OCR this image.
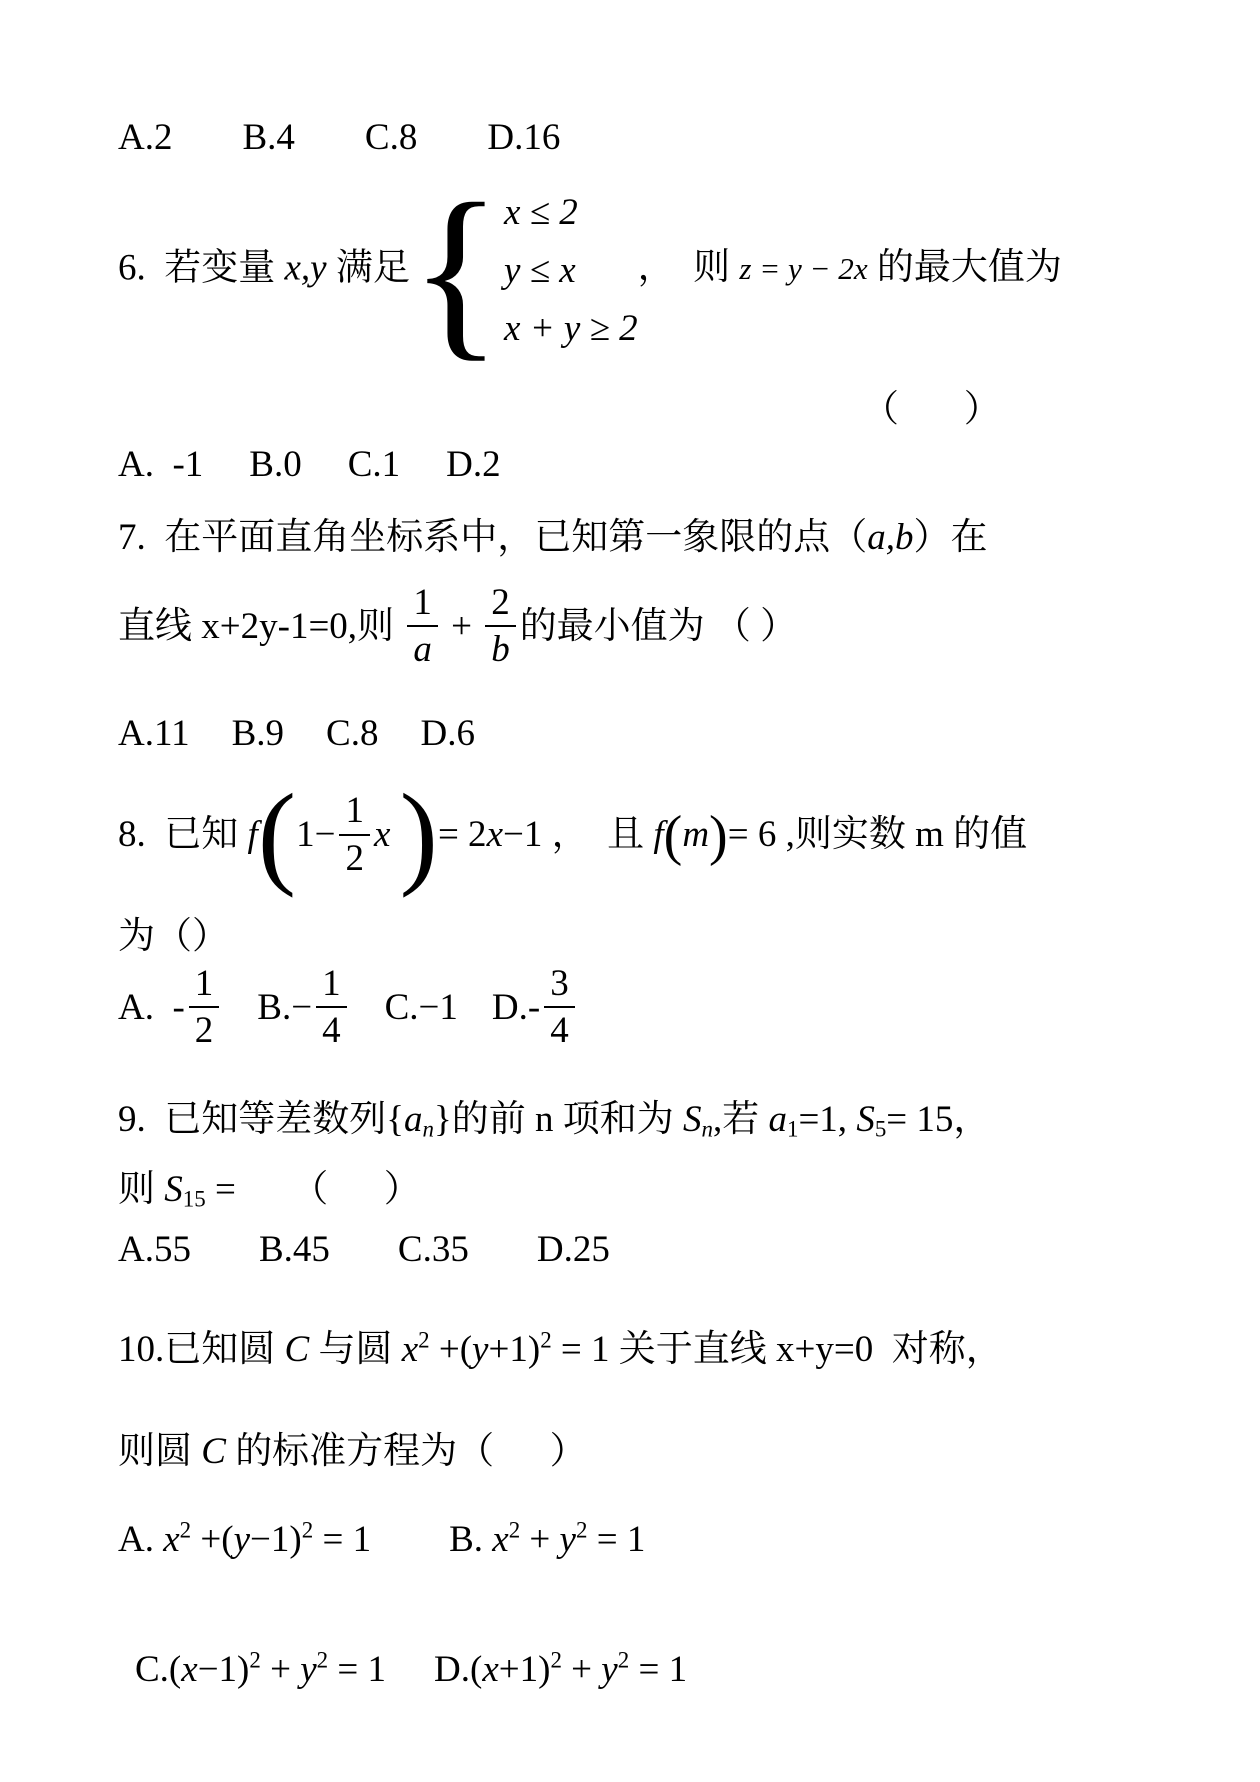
A.2 B.4 C.8 D.16
6.  若变量 x,y 满足{ x ≤ 2
y ≤ x
x + y ≥ 2
，  则 z = y − 2x 的最大值为
（       ）
A.  -1 B.0 C.1 D.2
7.  在平面直角坐标系中，已知第一象限的点（a,b）在
直线 x+2y-1=0,则 $\frac{1}{a} + \frac{2}{b}$ 的最小值为 （ ）
A.11 B.9 C.8 D.6
8.  已知 $f(1- \frac{1}{2}$ x )= 2x−1 ，  且 f(m)= 6 ,则实数 m 的值
为（）
A.  - $\frac{1}{2} B.- \frac{1}{4} C.-1$ $D.- \frac{3}{4}$
9.  已知等差数列$\{a_n\}$的前 n 项和为 $S_n$,若 $a_1=1$, $S_5= 15$，
则 $S_{15}$ =      （      ）
A.55 B.45 C.35 D.25
10.已知圆 C 与圆 $x^2 +(y+1)^2 = 1$ 关于直线 x+y=0  对称，
则圆 C 的标准方程为（      ）
A. $x^2 +(y-1)^2 = 1$ B. $x^2 + y^2 = 1$
$C.(x-1)^2 + y^2 = 1$ $D.(x+1)^2 + y^2 = 1$
